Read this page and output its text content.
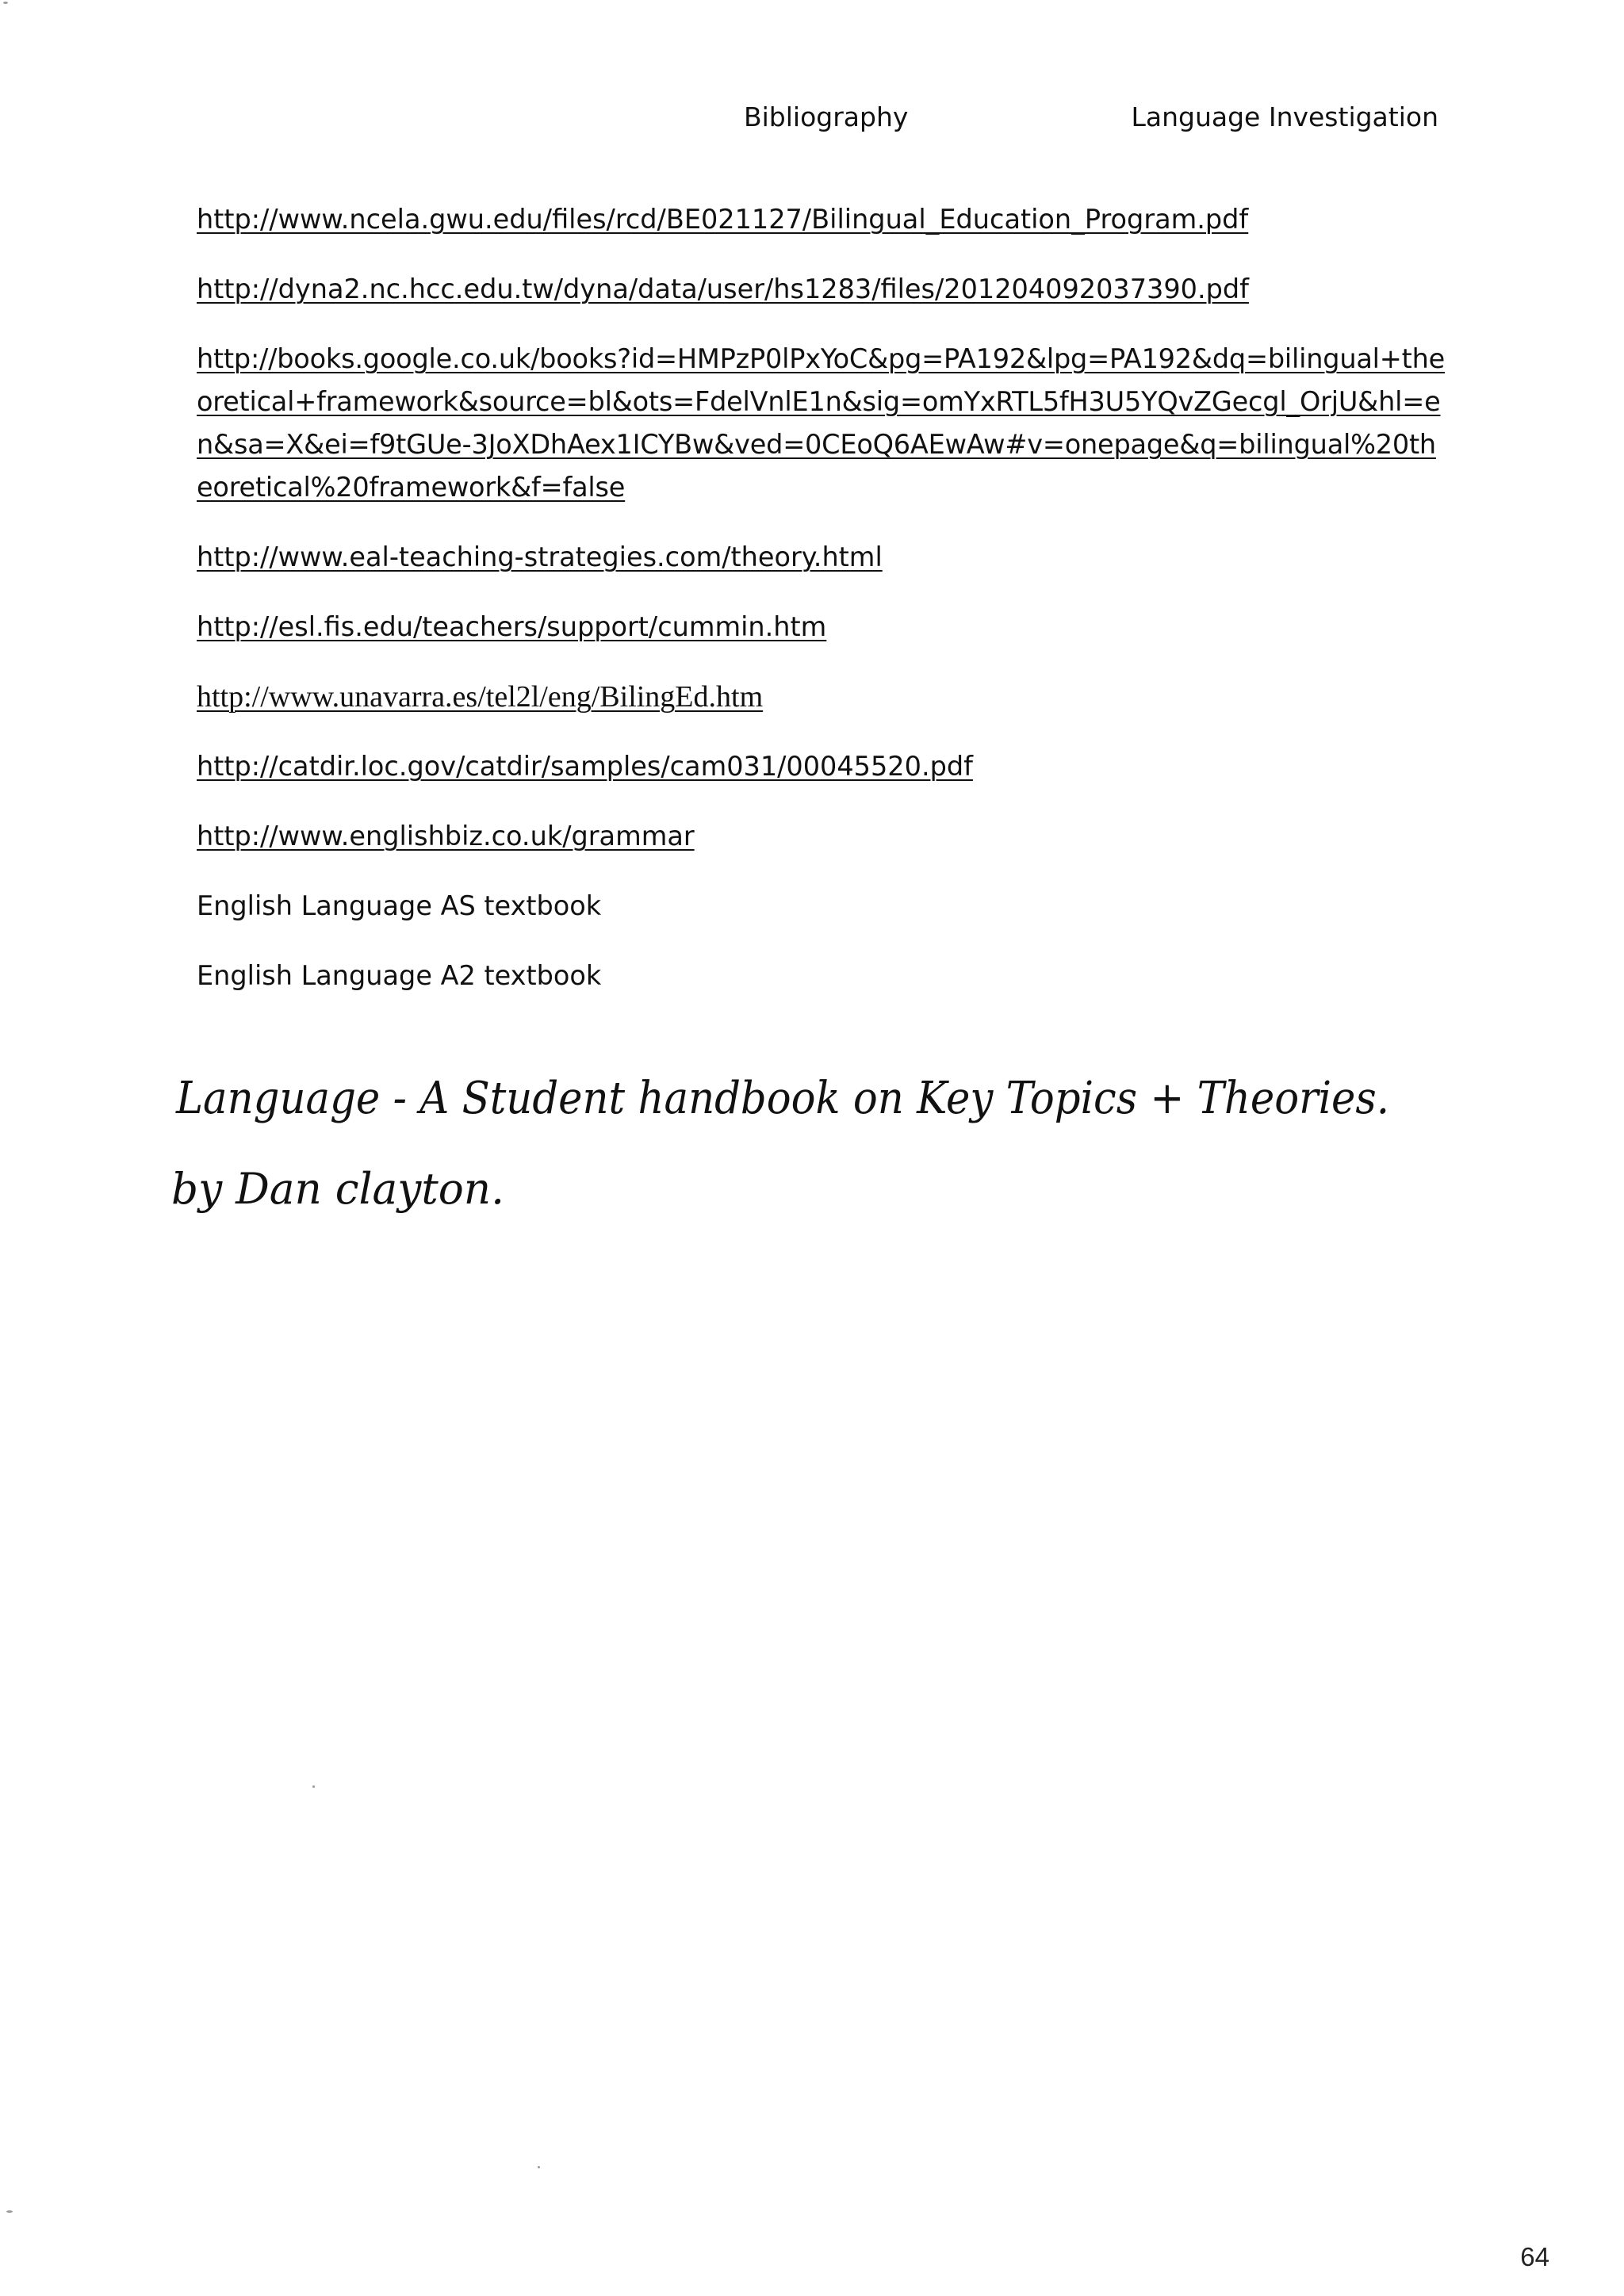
Bibliography	Language Investigation
http://www.ncela.gwu.edu/files/rcd/BE021127/Bilingual_Education_Program.pdf
http://dyna2.nc.hcc.edu.tw/dyna/data/user/hs1283/files/201204092037390.pdf
http://books.google.co.uk/books?id=HMPzP0lPxYoC&pg=PA192&lpg=PA192&dq=bilingual+theoretical+framework&source=bl&ots=FdelVnlE1n&sig=omYxRTL5fH3U5YQvZGecgl_OrjU&hl=en&sa=X&ei=f9tGUe-3JoXDhAex1ICYBw&ved=0CEoQ6AEwAw#v=onepage&q=bilingual%20theoretical%20framework&f=false
http://www.eal-teaching-strategies.com/theory.html
http://esl.fis.edu/teachers/support/cummin.htm
http://www.unavarra.es/tel2l/eng/BilingEd.htm
http://catdir.loc.gov/catdir/samples/cam031/00045520.pdf
http://www.englishbiz.co.uk/grammar
English Language AS textbook
English Language A2 textbook
Language - A Student handbook on Key Topics + Theories.
by Dan clayton.
64
